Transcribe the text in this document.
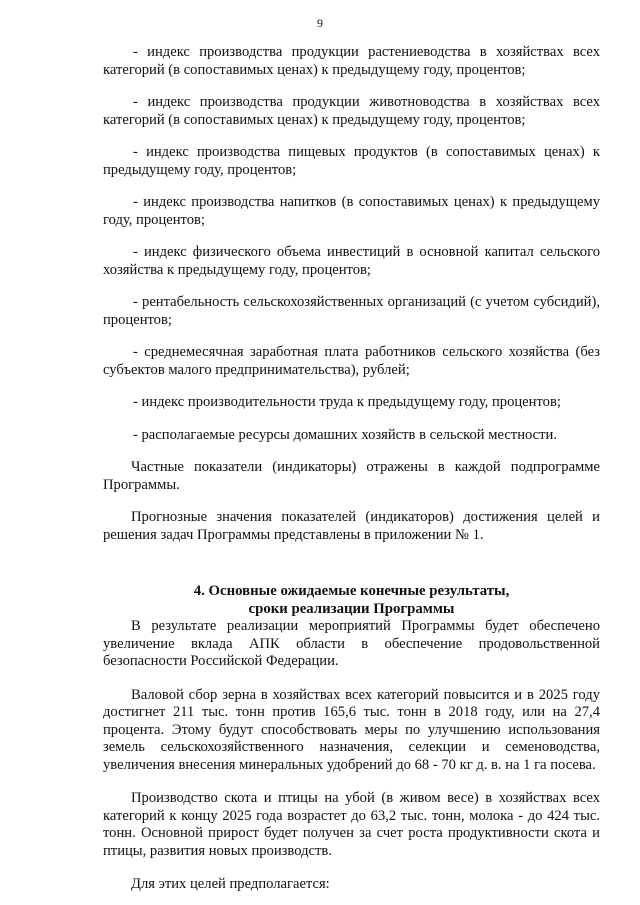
9

- индекс производства продукции растениеводства в хозяйствах всех категорий (в сопоставимых ценах) к предыдущему году, процентов;

- индекс производства продукции животноводства в хозяйствах всех категорий (в сопоставимых ценах) к предыдущему году, процентов;

- индекс производства пищевых продуктов (в сопоставимых ценах) к предыдущему году, процентов;

- индекс производства напитков (в сопоставимых ценах) к предыдущему году, процентов;

- индекс физического объема инвестиций в основной капитал сельского хозяйства к предыдущему году, процентов;

- рентабельность сельскохозяйственных организаций (с учетом субсидий), процентов;

- среднемесячная заработная плата работников сельского хозяйства (без субъектов малого предпринимательства), рублей;

- индекс производительности труда к предыдущему году, процентов;

- располагаемые ресурсы домашних хозяйств в сельской местности.

Частные показатели (индикаторы) отражены в каждой подпрограмме Программы.

Прогнозные значения показателей (индикаторов) достижения целей и решения задач Программы представлены в приложении № 1.

4. Основные ожидаемые конечные результаты,
сроки реализации Программы

В результате реализации мероприятий Программы будет обеспечено увеличение вклада АПК области в обеспечение продовольственной безопасности Российской Федерации.

Валовой сбор зерна в хозяйствах всех категорий повысится и в 2025 году достигнет 211 тыс. тонн против 165,6 тыс. тонн в 2018 году, или на 27,4 процента. Этому будут способствовать меры по улучшению использования земель сельскохозяйственного назначения, селекции и семеноводства, увеличения внесения минеральных удобрений до 68 - 70 кг д. в. на 1 га посева.

Производство скота и птицы на убой (в живом весе) в хозяйствах всех категорий к концу 2025 года возрастет до 63,2 тыс. тонн, молока - до 424 тыс. тонн. Основной прирост будет получен за счет роста продуктивности скота и птицы, развития новых производств.

Для этих целей предполагается:
